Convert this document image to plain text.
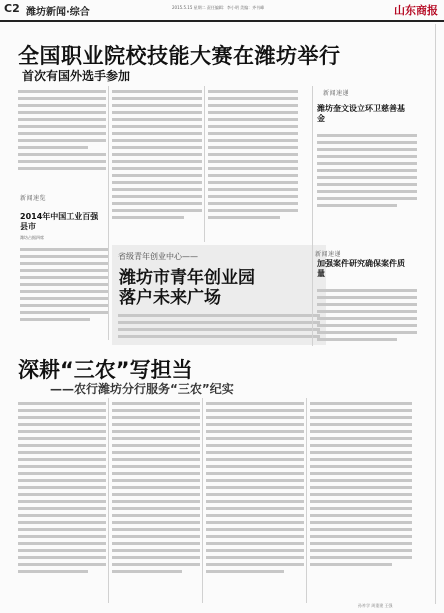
C2 潍坊新闻·综合	2015.5.15 星期二 责任编辑：李小明 美编：齐书峰	山东商报
全国职业院校技能大赛在潍坊举行
首次有国外选手参加
新闻速递
潍坊奎文设立环卫慈善基金
新闻速览
2014年中国工业百强县市
潍坊占据四席
省级青年创业中心——
潍坊市青年创业园
落户未来广场
新闻速递
加强案件研究确保案件质量
深耕“三农”写担当
——农行潍坊分行服务“三农”纪实
孙祚学 周重建 王强
